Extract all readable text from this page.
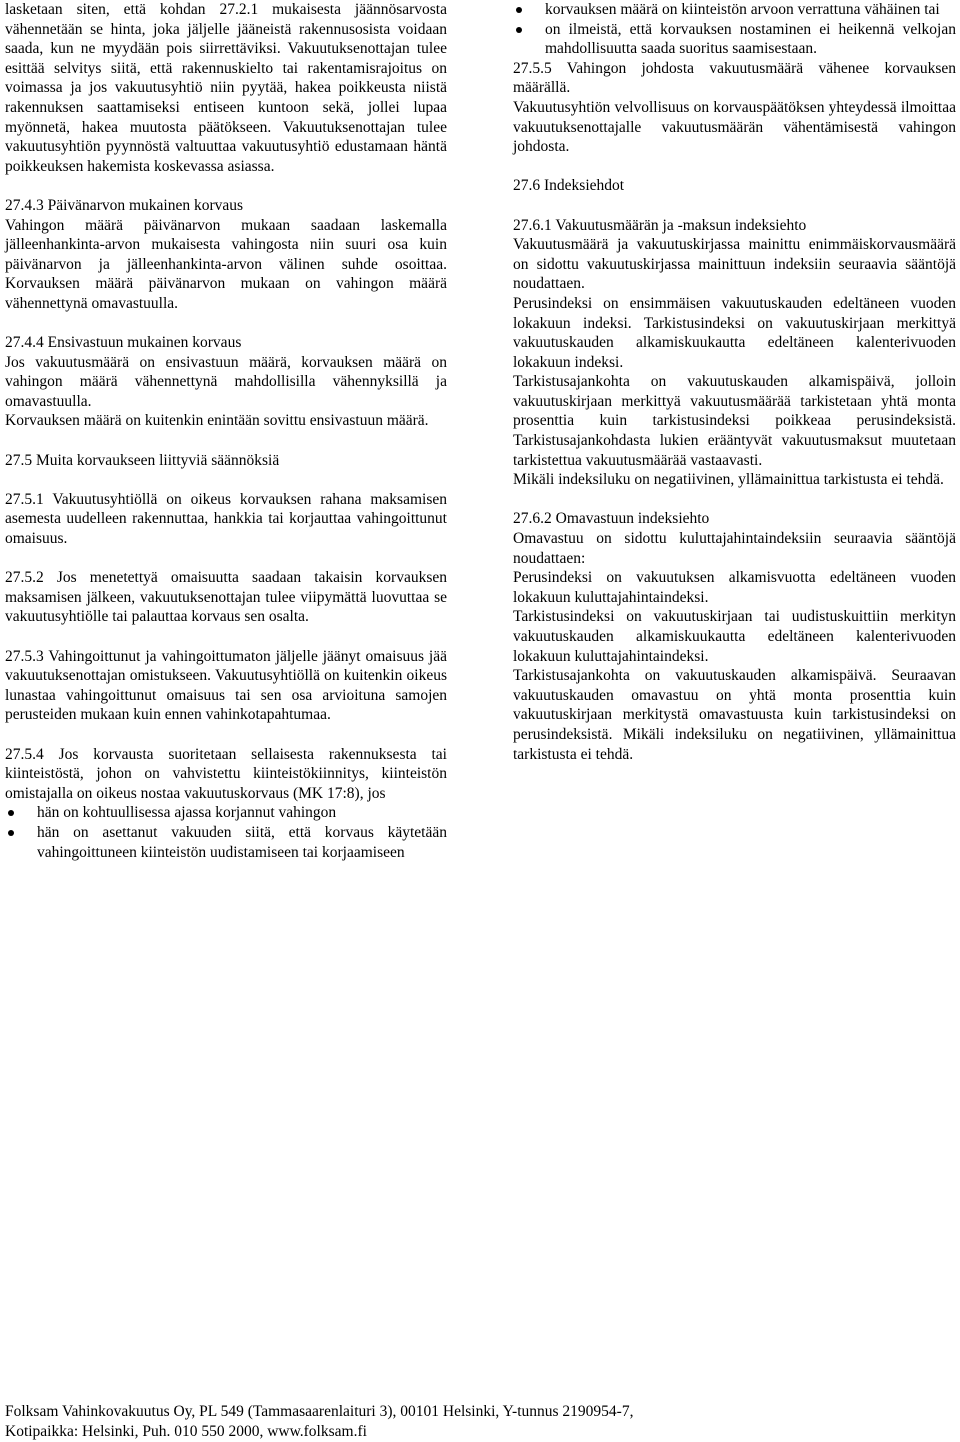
lasketaan siten, että kohdan 27.2.1 mukaisesta jäännösarvosta vähennetään se hinta, joka jäljelle jääneistä rakennusosista voidaan saada, kun ne myydään pois siirrettäviksi. Vakuutuksenottajan tulee esittää selvitys siitä, että rakennuskielto tai rakentamisrajoitus on voimassa ja jos vakuutusyhtiö niin pyytää, hakea poikkeusta niistä rakennuksen saattamiseksi entiseen kuntoon sekä, jollei lupaa myönnetä, hakea muutosta päätökseen. Vakuutuksenottajan tulee vakuutusyhtiön pyynnöstä valtuuttaa vakuutusyhtiö edustamaan häntä poikkeuksen hakemista koskevassa asiassa.

27.4.3 Päivänarvon mukainen korvaus

Vahingon määrä päivänarvon mukaan saadaan laskemalla jälleenhankinta-arvon mukaisesta vahingosta niin suuri osa kuin päivänarvon ja jälleenhankinta-arvon välinen suhde osoittaa. Korvauksen määrä päivänarvon mukaan on vahingon määrä vähennettynä omavastuulla.

27.4.4 Ensivastuun mukainen korvaus

Jos vakuutusmäärä on ensivastuun määrä, korvauksen määrä on vahingon määrä vähennettynä mahdollisilla vähennyksillä ja omavastuulla.

Korvauksen määrä on kuitenkin enintään sovittu ensivastuun määrä.

27.5 Muita korvaukseen liittyviä säännöksiä

27.5.1 Vakuutusyhtiöllä on oikeus korvauksen rahana maksamisen asemesta uudelleen rakennuttaa, hankkia tai korjauttaa vahingoittunut omaisuus.

27.5.2 Jos menetettyä omaisuutta saadaan takaisin korvauksen maksamisen jälkeen, vakuutuksenottajan tulee viipymättä luovuttaa se vakuutusyhtiölle tai palauttaa korvaus sen osalta.

27.5.3 Vahingoittunut ja vahingoittumaton jäljelle jäänyt omaisuus jää vakuutuksenottajan omistukseen. Vakuutusyhtiöllä on kuitenkin oikeus lunastaa vahingoittunut omaisuus tai sen osa arvioituna samojen perusteiden mukaan kuin ennen vahinkotapahtumaa.

27.5.4 Jos korvausta suoritetaan sellaisesta rakennuksesta tai kiinteistöstä, johon on vahvistettu kiinteistökiinnitys, kiinteistön omistajalla on oikeus nostaa vakuutuskorvaus (MK 17:8), jos

hän on kohtuullisessa ajassa korjannut vahingon
hän on asettanut vakuuden siitä, että korvaus käytetään vahingoittuneen kiinteistön uudistamiseen tai korjaamiseen
korvauksen määrä on kiinteistön arvoon verrattuna vähäinen tai
on ilmeistä, että korvauksen nostaminen ei heikennä velkojan mahdollisuutta saada suoritus saamisestaan.

27.5.5 Vahingon johdosta vakuutusmäärä vähenee korvauksen määrällä.

Vakuutusyhtiön velvollisuus on korvauspäätöksen yhteydessä ilmoittaa vakuutuksenottajalle vakuutusmäärän vähentämisestä vahingon johdosta.

27.6 Indeksiehdot
27.6.1 Vakuutusmäärän ja -maksun indeksiehto

Vakuutusmäärä ja vakuutuskirjassa mainittu enimmäiskorvausmäärä on sidottu vakuutuskirjassa mainittuun indeksiin seuraavia sääntöjä noudattaen.

Perusindeksi on ensimmäisen vakuutuskauden edeltäneen vuoden lokakuun indeksi. Tarkistusindeksi on vakuutuskirjaan merkittyä vakuutuskauden alkamiskuukautta edeltäneen kalenterivuoden lokakuun indeksi.

Tarkistusajankohta on vakuutuskauden alkamispäivä, jolloin vakuutuskirjaan merkittyä vakuutusmäärää tarkistetaan yhtä monta prosenttia kuin tarkistusindeksi poikkeaa perusindeksistä. Tarkistusajankohdasta lukien erääntyvät vakuutusmaksut muutetaan tarkistettua vakuutusmäärää vastaavasti.

Mikäli indeksiluku on negatiivinen, yllämainittua tarkistusta ei tehdä.

27.6.2 Omavastuun indeksiehto

Omavastuu on sidottu kuluttajahintaindeksiin seuraavia sääntöjä noudattaen:

Perusindeksi on vakuutuksen alkamisvuotta edeltäneen vuoden lokakuun kuluttajahintaindeksi.

Tarkistusindeksi on vakuutuskirjaan tai uudistuskuittiin merkityn vakuutuskauden alkamiskuukautta edeltäneen kalenterivuoden lokakuun kuluttajahintaindeksi.

Tarkistusajankohta on vakuutuskauden alkamispäivä. Seuraavan vakuutuskauden omavastuu on yhtä monta prosenttia kuin vakuutuskirjaan merkitystä omavastuusta kuin tarkistusindeksi on perusindeksistä. Mikäli indeksiluku on negatiivinen, yllämainittua tarkistusta ei tehdä.

Folksam Vahinkovakuutus Oy, PL 549 (Tammasaarenlaituri 3), 00101 Helsinki, Y-tunnus 2190954-7,
Kotipaikka: Helsinki, Puh. 010 550 2000, www.folksam.fi
